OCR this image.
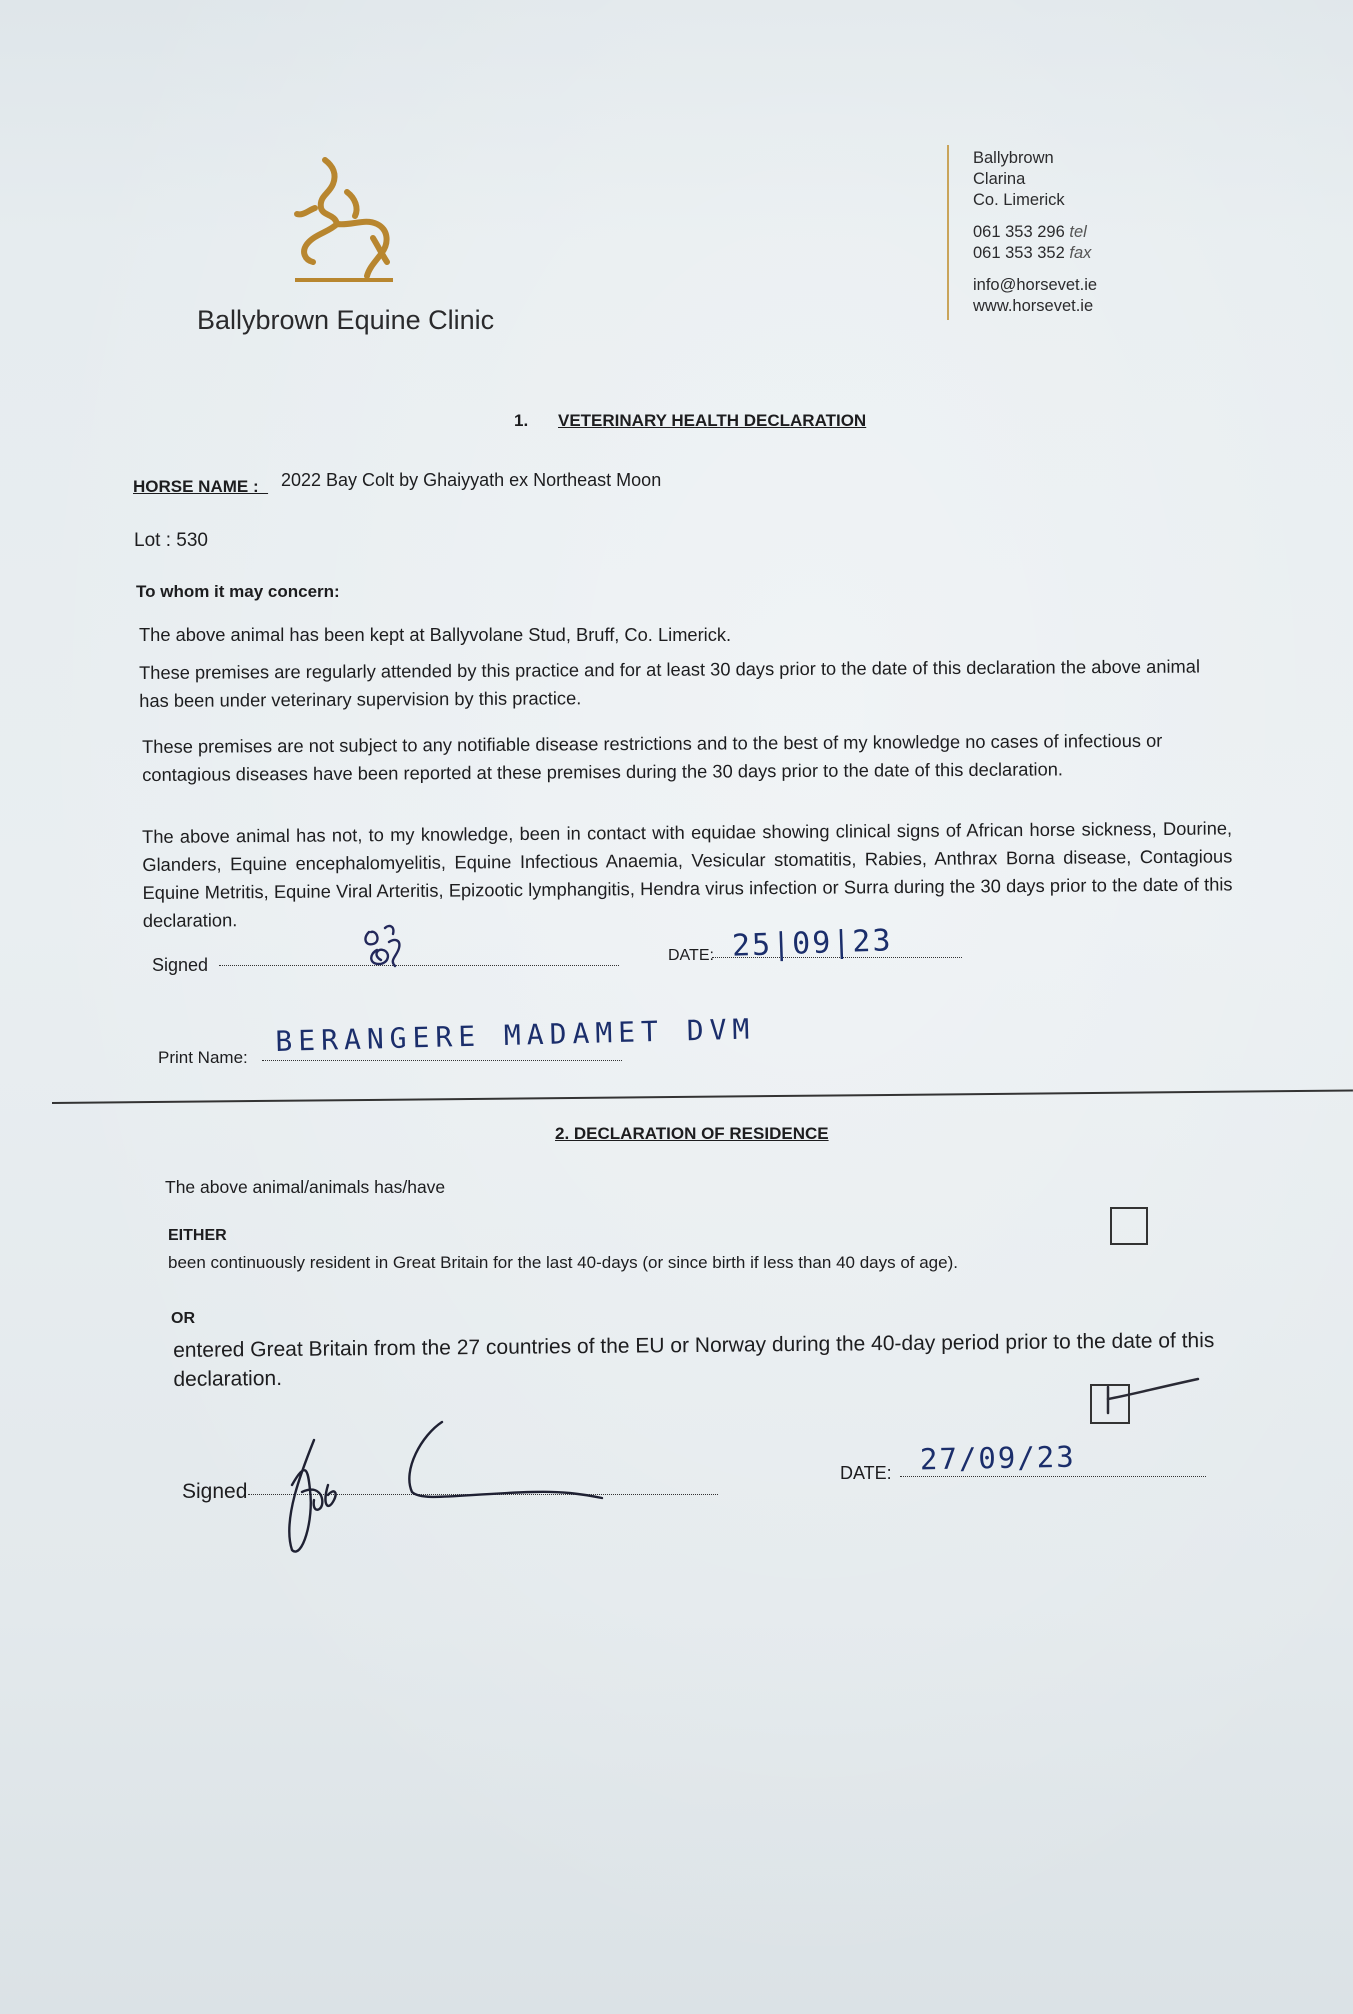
Ballybrown Equine Clinic
Ballybrown
Clarina
Co. Limerick
061 353 296 tel
061 353 352 fax
info@horsevet.ie
www.horsevet.ie
1. VETERINARY HEALTH DECLARATION
HORSE NAME : 2022 Bay Colt by Ghaiyyath ex Northeast Moon
Lot : 530
To whom it may concern:
The above animal has been kept at Ballyvolane Stud, Bruff, Co. Limerick.
These premises are regularly attended by this practice and for at least 30 days prior to the date of this declaration the above animal has been under veterinary supervision by this practice.
These premises are not subject to any notifiable disease restrictions and to the best of my knowledge no cases of infectious or contagious diseases have been reported at these premises during the 30 days prior to the date of this declaration.
The above animal has not, to my knowledge, been in contact with equidae showing clinical signs of African horse sickness, Dourine, Glanders, Equine encephalomyelitis, Equine Infectious Anaemia, Vesicular stomatitis, Rabies, Anthrax Borna disease, Contagious Equine Metritis, Equine Viral Arteritis, Epizootic lymphangitis, Hendra virus infection or Surra during the 30 days prior to the date of this declaration.
Signed	DATE: 25|09|23
Print Name: BERANGERE MADAMET DVM
2. DECLARATION OF RESIDENCE
The above animal/animals has/have
EITHER
been continuously resident in Great Britain for the last 40-days (or since birth if less than 40 days of age).
OR
entered Great Britain from the 27 countries of the EU or Norway during the 40-day period prior to the date of this declaration.
Signed
DATE: 27/09/23
